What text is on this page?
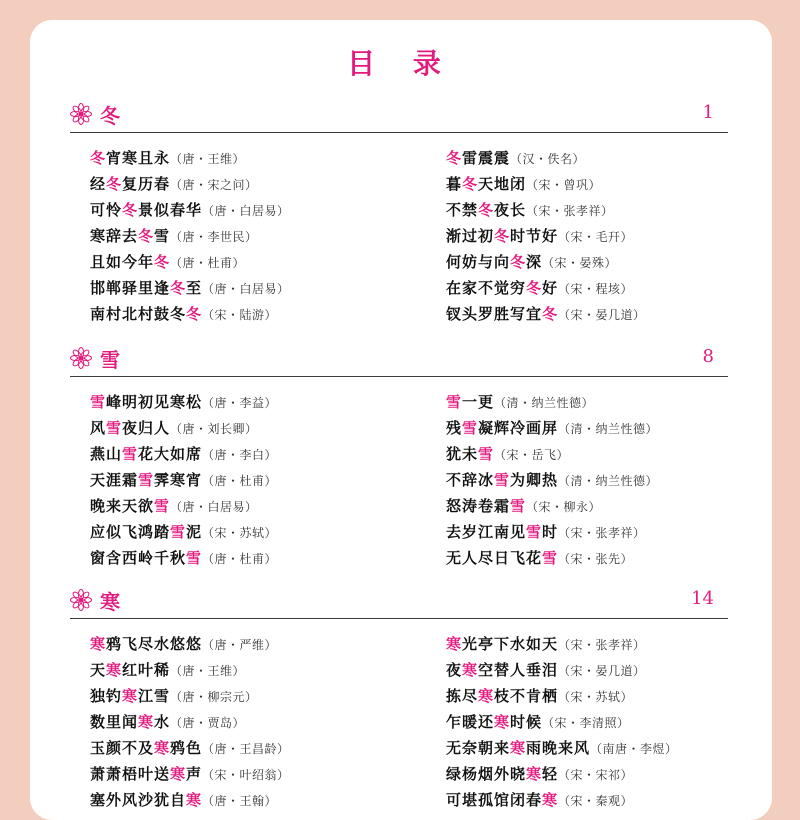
目 录
冬	1
冬宵寒且永（唐・王维）
经冬复历春（唐・宋之问）
可怜冬景似春华（唐・白居易）
寒辞去冬雪（唐・李世民）
且如今年冬（唐・杜甫）
邯郸驿里逢冬至（唐・白居易）
南村北村鼓冬冬（宋・陆游）
冬雷震震（汉・佚名）
暮冬天地闭（宋・曾巩）
不禁冬夜长（宋・张孝祥）
渐过初冬时节好（宋・毛幵）
何妨与向冬深（宋・晏殊）
在家不觉穷冬好（宋・程垓）
钗头罗胜写宜冬（宋・晏几道）
雪	8
雪峰明初见寒松（唐・李益）
风雪夜归人（唐・刘长卿）
燕山雪花大如席（唐・李白）
天涯霜雪霁寒宵（唐・杜甫）
晚来天欲雪（唐・白居易）
应似飞鸿踏雪泥（宋・苏轼）
窗含西岭千秋雪（唐・杜甫）
雪一更（清・纳兰性德）
残雪凝辉冷画屏（清・纳兰性德）
犹未雪（宋・岳飞）
不辞冰雪为卿热（清・纳兰性德）
怒涛卷霜雪（宋・柳永）
去岁江南见雪时（宋・张孝祥）
无人尽日飞花雪（宋・张先）
寒	14
寒鸦飞尽水悠悠（唐・严维）
天寒红叶稀（唐・王维）
独钓寒江雪（唐・柳宗元）
数里闻寒水（唐・贾岛）
玉颜不及寒鸦色（唐・王昌龄）
萧萧梧叶送寒声（宋・叶绍翁）
塞外风沙犹自寒（唐・王翰）
寒光亭下水如天（宋・张孝祥）
夜寒空替人垂泪（宋・晏几道）
拣尽寒枝不肯栖（宋・苏轼）
乍暖还寒时候（宋・李清照）
无奈朝来寒雨晚来风（南唐・李煜）
绿杨烟外晓寒轻（宋・宋祁）
可堪孤馆闭春寒（宋・秦观）
